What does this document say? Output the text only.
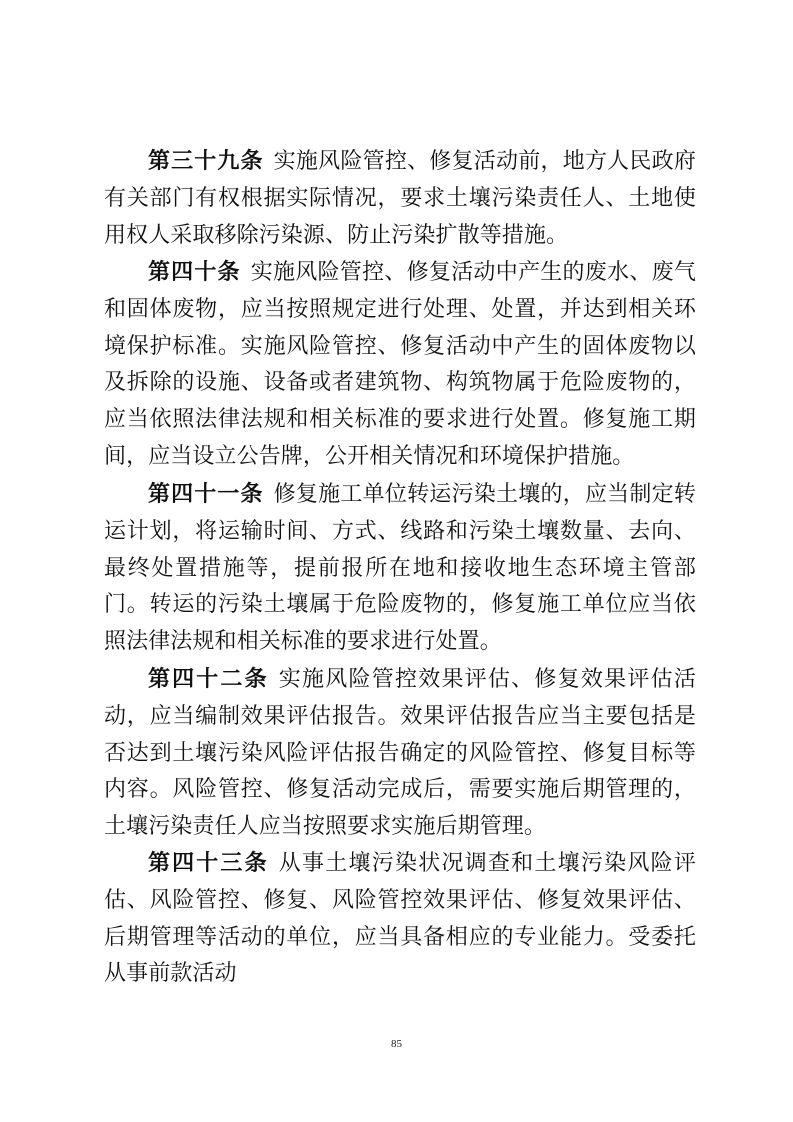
第三十九条 实施风险管控、修复活动前，地方人民政府有关部门有权根据实际情况，要求土壤污染责任人、土地使用权人采取移除污染源、防止污染扩散等措施。

第四十条 实施风险管控、修复活动中产生的废水、废气和固体废物，应当按照规定进行处理、处置，并达到相关环境保护标准。实施风险管控、修复活动中产生的固体废物以及拆除的设施、设备或者建筑物、构筑物属于危险废物的，应当依照法律法规和相关标准的要求进行处置。修复施工期间，应当设立公告牌，公开相关情况和环境保护措施。

第四十一条 修复施工单位转运污染土壤的，应当制定转运计划，将运输时间、方式、线路和污染土壤数量、去向、最终处置措施等，提前报所在地和接收地生态环境主管部门。转运的污染土壤属于危险废物的，修复施工单位应当依照法律法规和相关标准的要求进行处置。

第四十二条 实施风险管控效果评估、修复效果评估活动，应当编制效果评估报告。效果评估报告应当主要包括是否达到土壤污染风险评估报告确定的风险管控、修复目标等内容。风险管控、修复活动完成后，需要实施后期管理的，土壤污染责任人应当按照要求实施后期管理。

第四十三条 从事土壤污染状况调查和土壤污染风险评估、风险管控、修复、风险管控效果评估、修复效果评估、后期管理等活动的单位，应当具备相应的专业能力。受委托从事前款活动

85
